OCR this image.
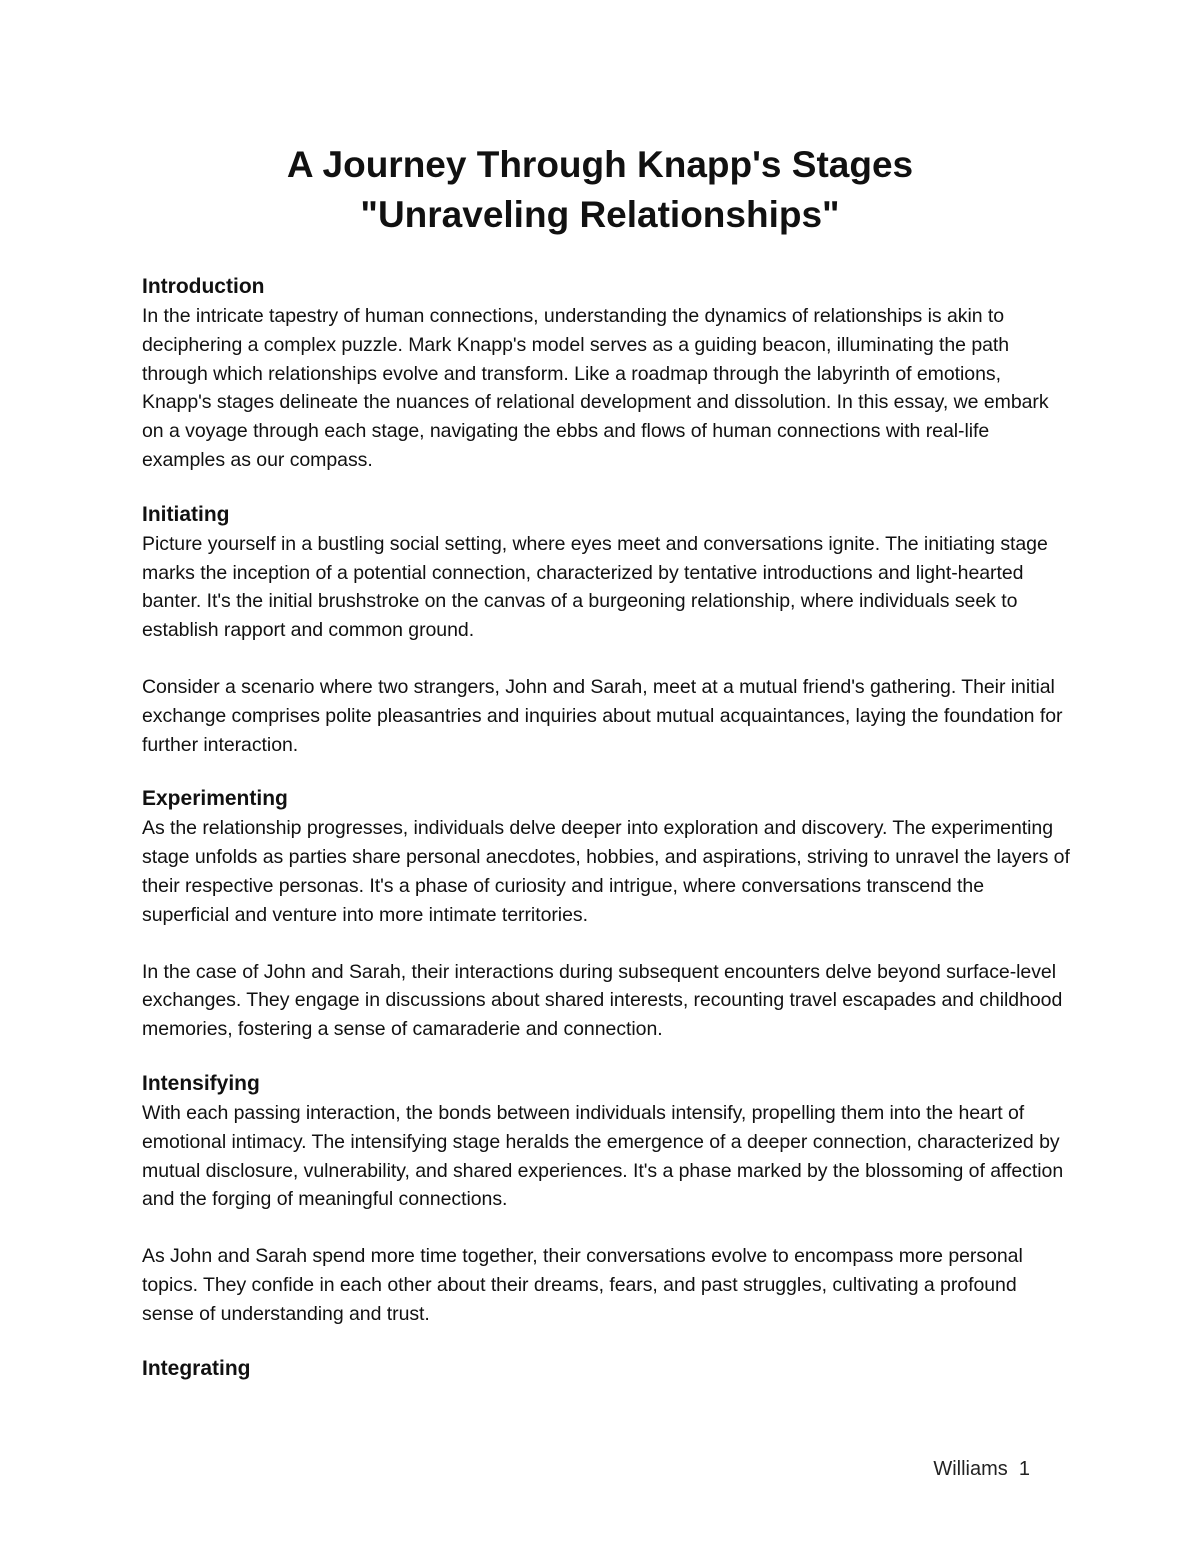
A Journey Through Knapp's Stages
"Unraveling Relationships"
Introduction

In the intricate tapestry of human connections, understanding the dynamics of relationships is akin to deciphering a complex puzzle. Mark Knapp's model serves as a guiding beacon, illuminating the path through which relationships evolve and transform. Like a roadmap through the labyrinth of emotions, Knapp's stages delineate the nuances of relational development and dissolution. In this essay, we embark on a voyage through each stage, navigating the ebbs and flows of human connections with real-life examples as our compass.

Initiating

Picture yourself in a bustling social setting, where eyes meet and conversations ignite. The initiating stage marks the inception of a potential connection, characterized by tentative introductions and light-hearted banter. It's the initial brushstroke on the canvas of a burgeoning relationship, where individuals seek to establish rapport and common ground.

Consider a scenario where two strangers, John and Sarah, meet at a mutual friend's gathering. Their initial exchange comprises polite pleasantries and inquiries about mutual acquaintances, laying the foundation for further interaction.

Experimenting

As the relationship progresses, individuals delve deeper into exploration and discovery. The experimenting stage unfolds as parties share personal anecdotes, hobbies, and aspirations, striving to unravel the layers of their respective personas. It's a phase of curiosity and intrigue, where conversations transcend the superficial and venture into more intimate territories.

In the case of John and Sarah, their interactions during subsequent encounters delve beyond surface-level exchanges. They engage in discussions about shared interests, recounting travel escapades and childhood memories, fostering a sense of camaraderie and connection.

Intensifying

With each passing interaction, the bonds between individuals intensify, propelling them into the heart of emotional intimacy. The intensifying stage heralds the emergence of a deeper connection, characterized by mutual disclosure, vulnerability, and shared experiences. It's a phase marked by the blossoming of affection and the forging of meaningful connections.

As John and Sarah spend more time together, their conversations evolve to encompass more personal topics. They confide in each other about their dreams, fears, and past struggles, cultivating a profound sense of understanding and trust.

Integrating
Williams  1
